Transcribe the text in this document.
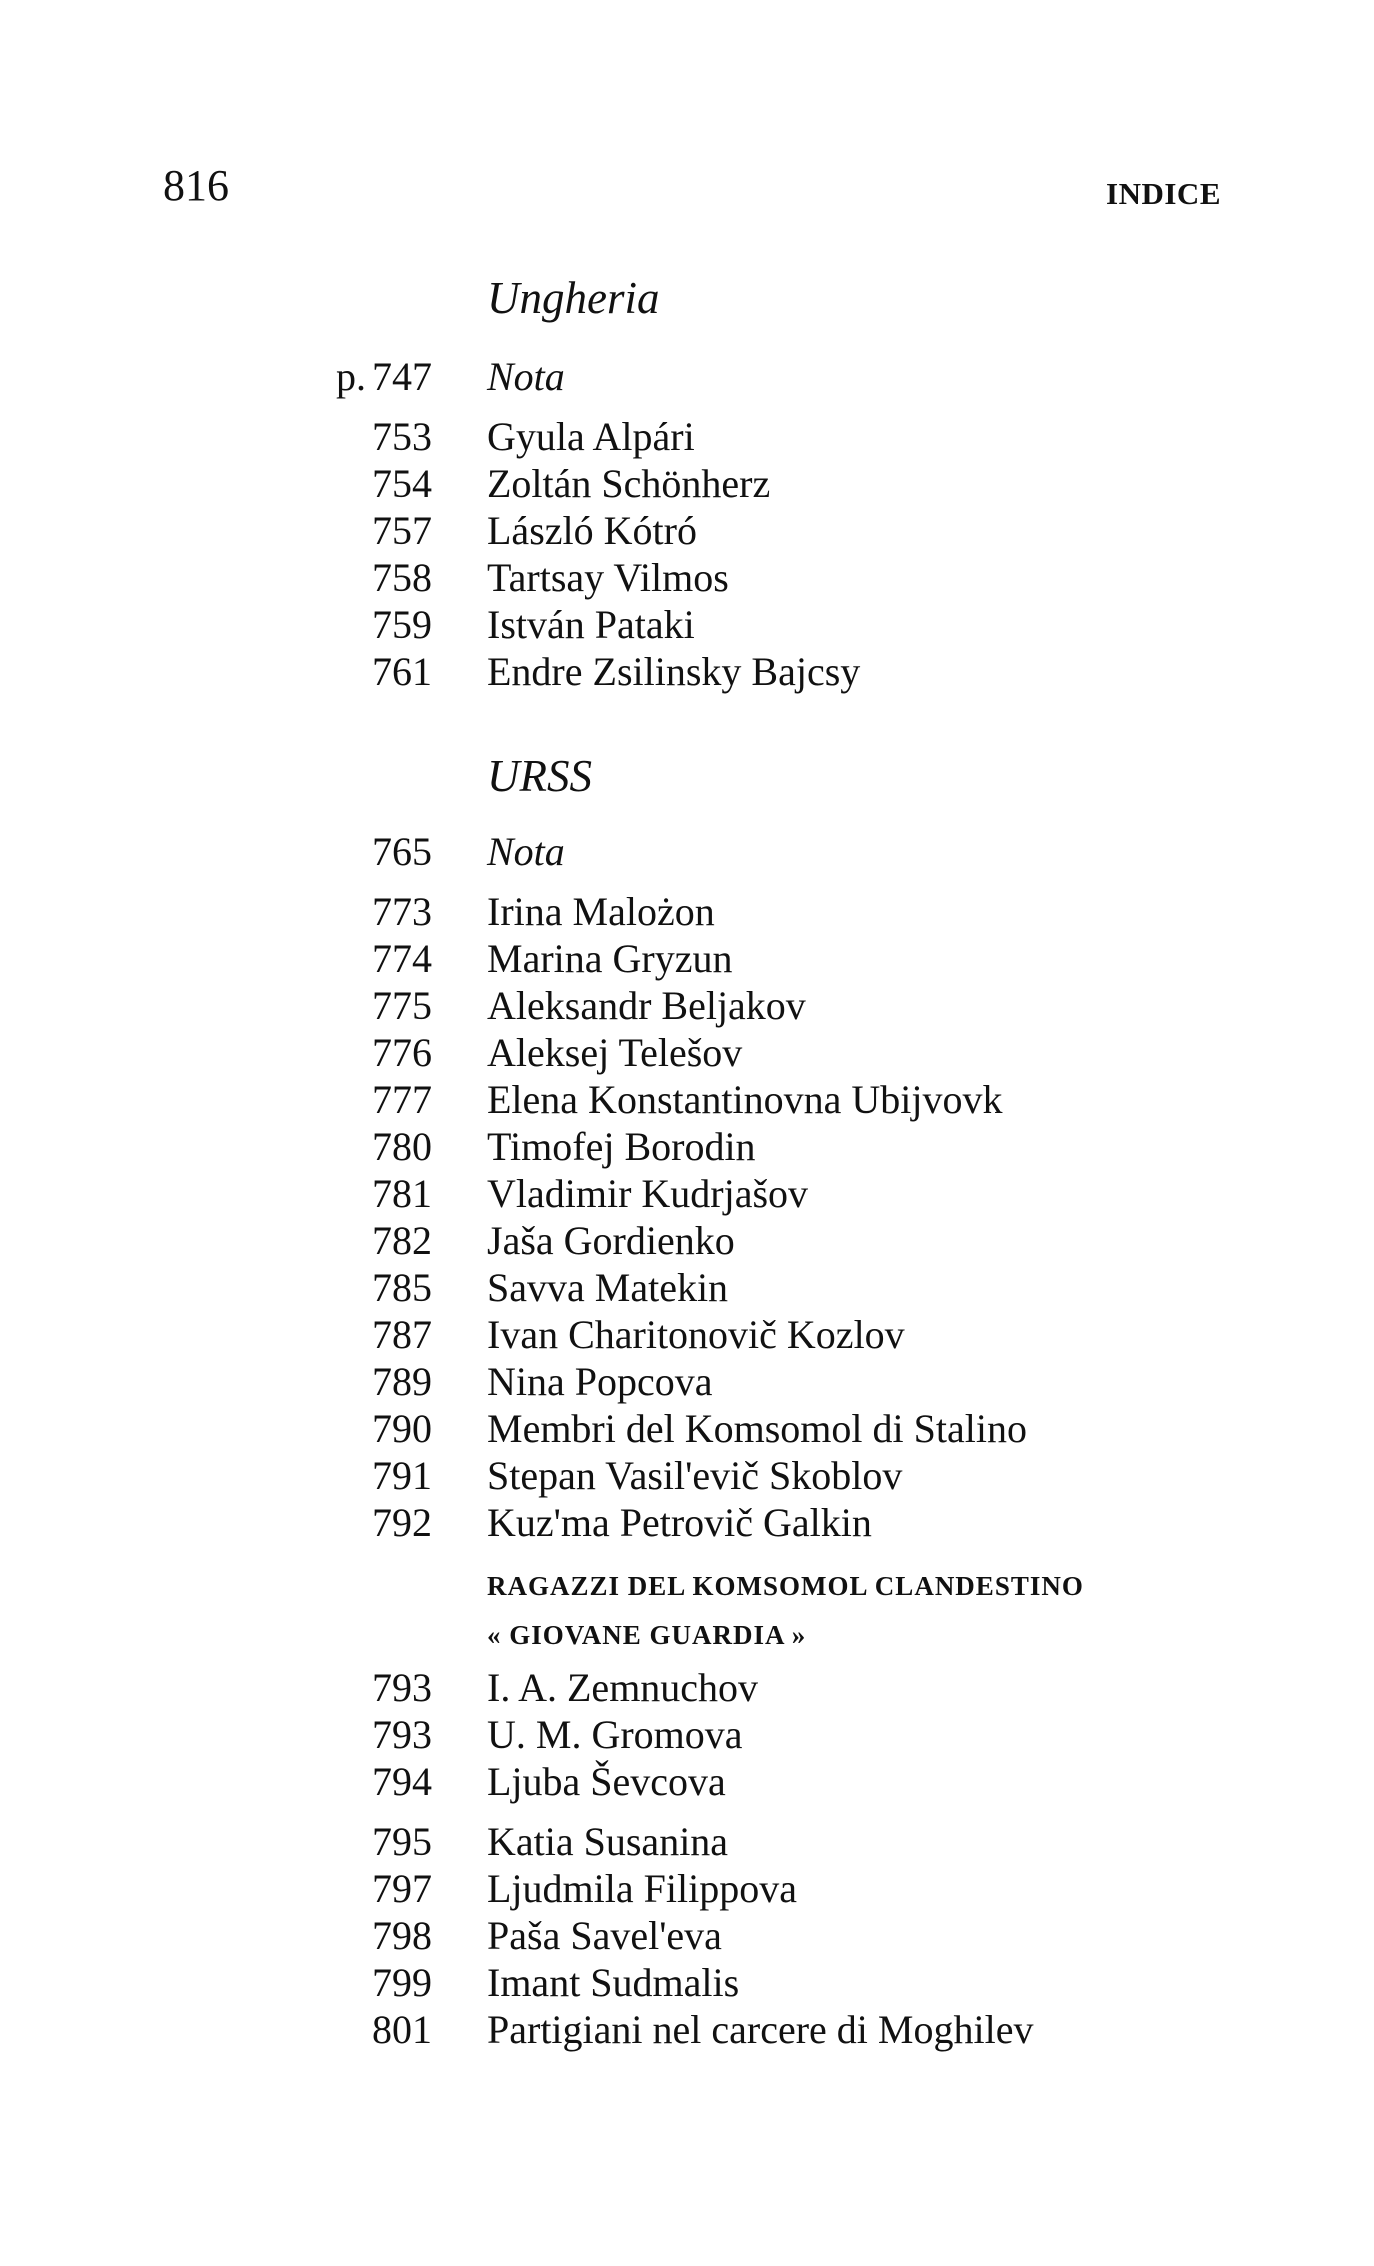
816	INDICE
Ungheria
p. 747 Nota
753 Gyula Alpári
754 Zoltán Schönherz
757 László Kótró
758 Tartsay Vilmos
759 István Pataki
761 Endre Zsilinsky Bajcsy
URSS
765 Nota
773 Irina Malożon
774 Marina Gryzun
775 Aleksandr Beljakov
776 Aleksej Telešov
777 Elena Konstantinovna Ubijvovk
780 Timofej Borodin
781 Vladimir Kudrjašov
782 Jaša Gordienko
785 Savva Matekin
787 Ivan Charitonovič Kozlov
789 Nina Popcova
790 Membri del Komsomol di Stalino
791 Stepan Vasil'evič Skoblov
792 Kuz'ma Petrovič Galkin
RAGAZZI DEL KOMSOMOL CLANDESTINO
« GIOVANE GUARDIA »
793 I. A. Zemnuchov
793 U. M. Gromova
794 Ljuba Ševcova
795 Katia Susanina
797 Ljudmila Filippova
798 Paša Savel'eva
799 Imant Sudmalis
801 Partigiani nel carcere di Moghilev
